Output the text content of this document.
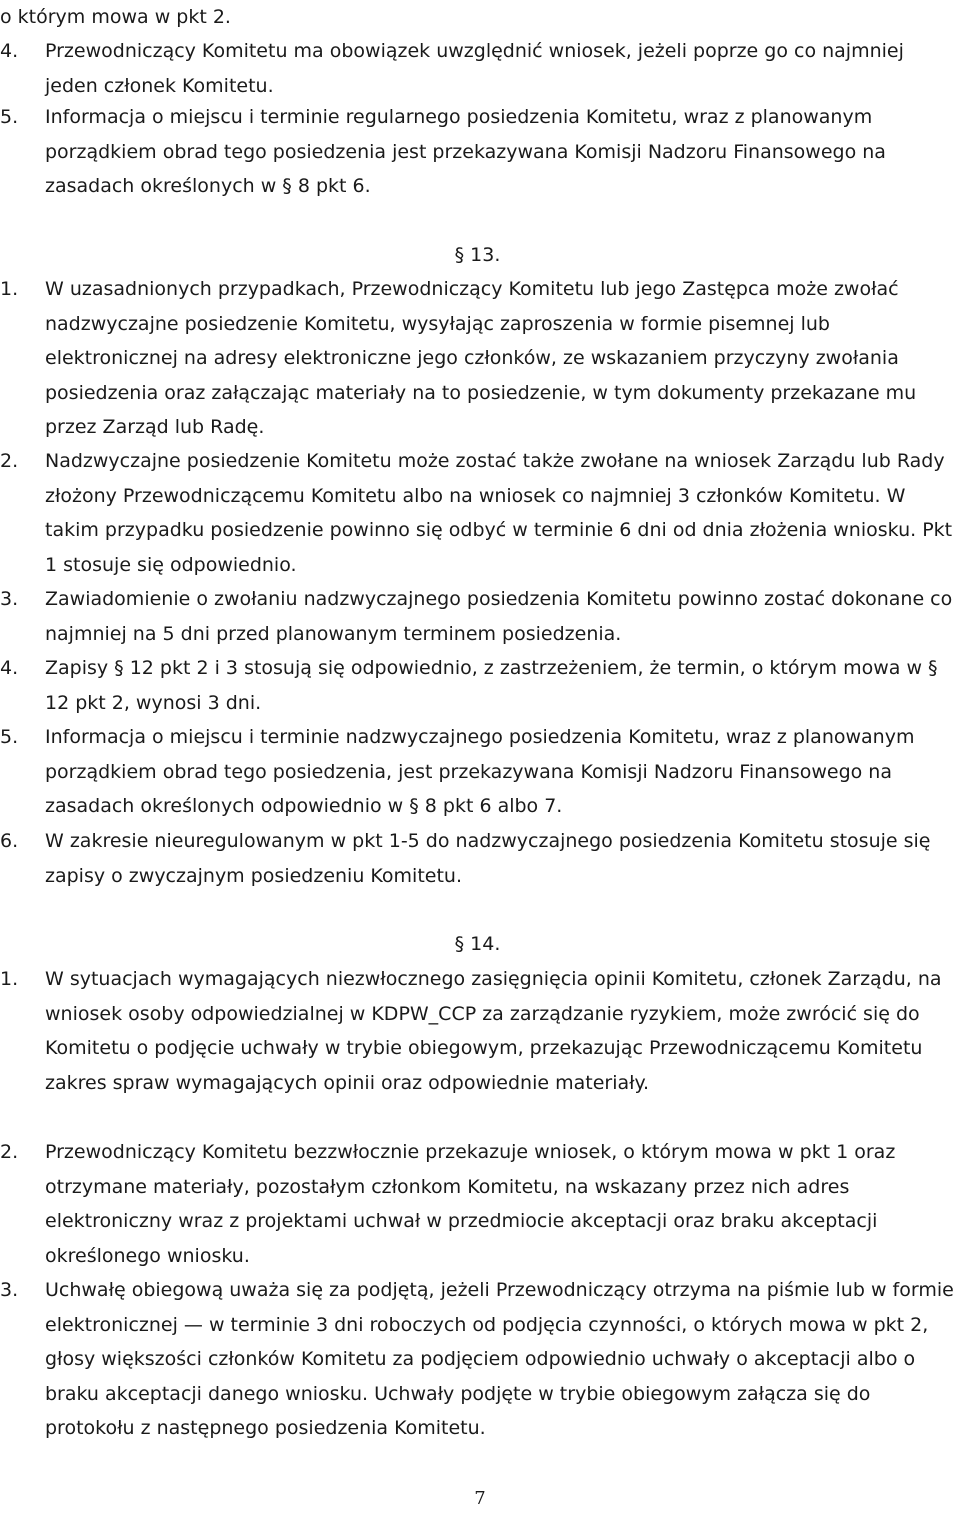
o którym mowa w pkt 2.
4. Przewodniczący Komitetu ma obowiązek uwzględnić wniosek, jeżeli poprze go co najmniej jeden członek Komitetu.
5. Informacja o miejscu i terminie regularnego posiedzenia Komitetu, wraz z planowanym porządkiem obrad tego posiedzenia jest przekazywana Komisji Nadzoru Finansowego na zasadach określonych w § 8 pkt 6.
§ 13.
1. W uzasadnionych przypadkach, Przewodniczący Komitetu lub jego Zastępca może zwołać nadzwyczajne posiedzenie Komitetu, wysyłając zaproszenia w formie pisemnej lub elektronicznej na adresy elektroniczne jego członków, ze wskazaniem przyczyny zwołania posiedzenia oraz załączając materiały na to posiedzenie, w tym dokumenty przekazane mu przez Zarząd lub Radę.
2. Nadzwyczajne posiedzenie Komitetu może zostać także zwołane na wniosek Zarządu lub Rady złożony Przewodniczącemu Komitetu albo na wniosek co najmniej 3 członków Komitetu. W takim przypadku posiedzenie powinno się odbyć w terminie 6 dni od dnia złożenia wniosku. Pkt 1 stosuje się odpowiednio.
3. Zawiadomienie o zwołaniu nadzwyczajnego posiedzenia Komitetu powinno zostać dokonane co najmniej na 5 dni przed planowanym terminem posiedzenia.
4. Zapisy § 12 pkt 2 i 3 stosują się odpowiednio, z zastrzeżeniem, że termin, o którym mowa w § 12 pkt 2, wynosi 3 dni.
5. Informacja o miejscu i terminie nadzwyczajnego posiedzenia Komitetu, wraz z planowanym porządkiem obrad tego posiedzenia, jest przekazywana Komisji Nadzoru Finansowego na zasadach określonych odpowiednio w § 8 pkt 6 albo 7.
6. W zakresie nieuregulowanym w pkt 1-5 do nadzwyczajnego posiedzenia Komitetu stosuje się zapisy o zwyczajnym posiedzeniu Komitetu.
§ 14.
1. W sytuacjach wymagających niezwłocznego zasięgnięcia opinii Komitetu, członek Zarządu, na wniosek osoby odpowiedzialnej w KDPW_CCP za zarządzanie ryzykiem, może zwrócić się do Komitetu o podjęcie uchwały w trybie obiegowym, przekazując Przewodniczącemu Komitetu zakres spraw wymagających opinii oraz odpowiednie materiały.
2. Przewodniczący Komitetu bezzwłocznie przekazuje wniosek, o którym mowa w pkt 1 oraz otrzymane materiały, pozostałym członkom Komitetu, na wskazany przez nich adres elektroniczny wraz z projektami uchwał w przedmiocie akceptacji oraz braku akceptacji określonego wniosku.
3. Uchwałę obiegową uważa się za podjętą, jeżeli Przewodniczący otrzyma na piśmie lub w formie elektronicznej — w terminie 3 dni roboczych od podjęcia czynności, o których mowa w pkt 2, głosy większości członków Komitetu za podjęciem odpowiednio uchwały o akceptacji albo o braku akceptacji danego wniosku. Uchwały podjęte w trybie obiegowym załącza się do protokołu z następnego posiedzenia Komitetu.
7
